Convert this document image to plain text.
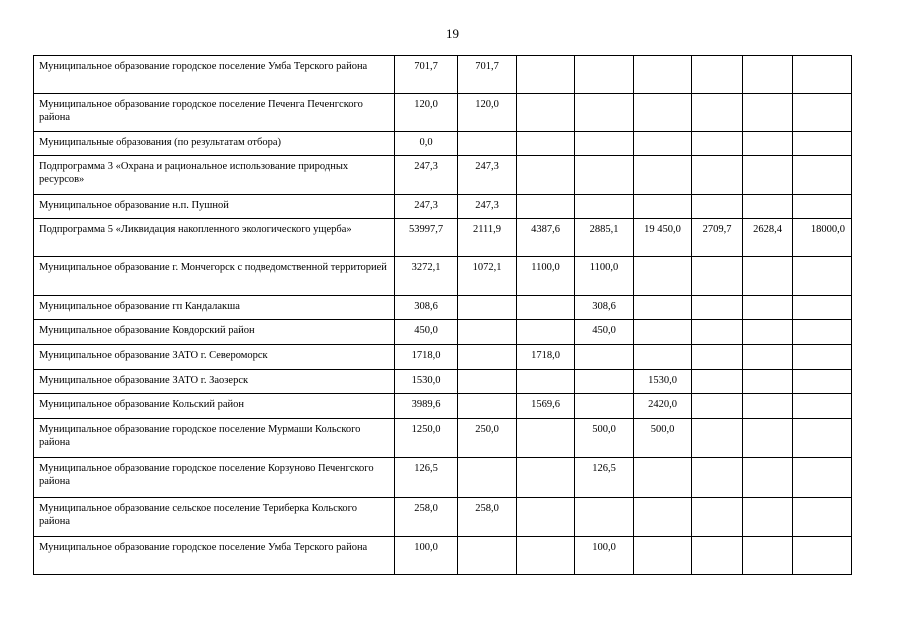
19
Муниципальное образование городское поселение Умба Терского района	701,7	701,7						
Муниципальное образование городское поселение Печенга Печенгского района	120,0	120,0						
Муниципальные образования (по результатам отбора)	0,0							
Подпрограмма 3 «Охрана и рациональное использование природных ресурсов»	247,3	247,3						
Муниципальное образование н.п. Пушной	247,3	247,3						
Подпрограмма 5 «Ликвидация накопленного экологического ущерба»	53997,7	2111,9	4387,6	2885,1	19 450,0	2709,7	2628,4	18000,0
Муниципальное образование г. Мончегорск с подведомственной территорией	3272,1	1072,1	1100,0	1100,0				
Муниципальное образование гп Кандалакша	308,6			308,6				
Муниципальное образование Ковдорский район	450,0			450,0				
Муниципальное образование ЗАТО г. Североморск	1718,0		1718,0					
Муниципальное образование ЗАТО г. Заозерск	1530,0				1530,0			
Муниципальное образование Кольский район	3989,6		1569,6		2420,0			
Муниципальное образование городское поселение Мурмаши Кольского района	1250,0	250,0		500,0	500,0			
Муниципальное образование городское поселение Корзуново Печенгского района	126,5			126,5				
Муниципальное образование сельское поселение Териберка Кольского района	258,0	258,0						
Муниципальное образование городское поселение Умба Терского района	100,0			100,0				
